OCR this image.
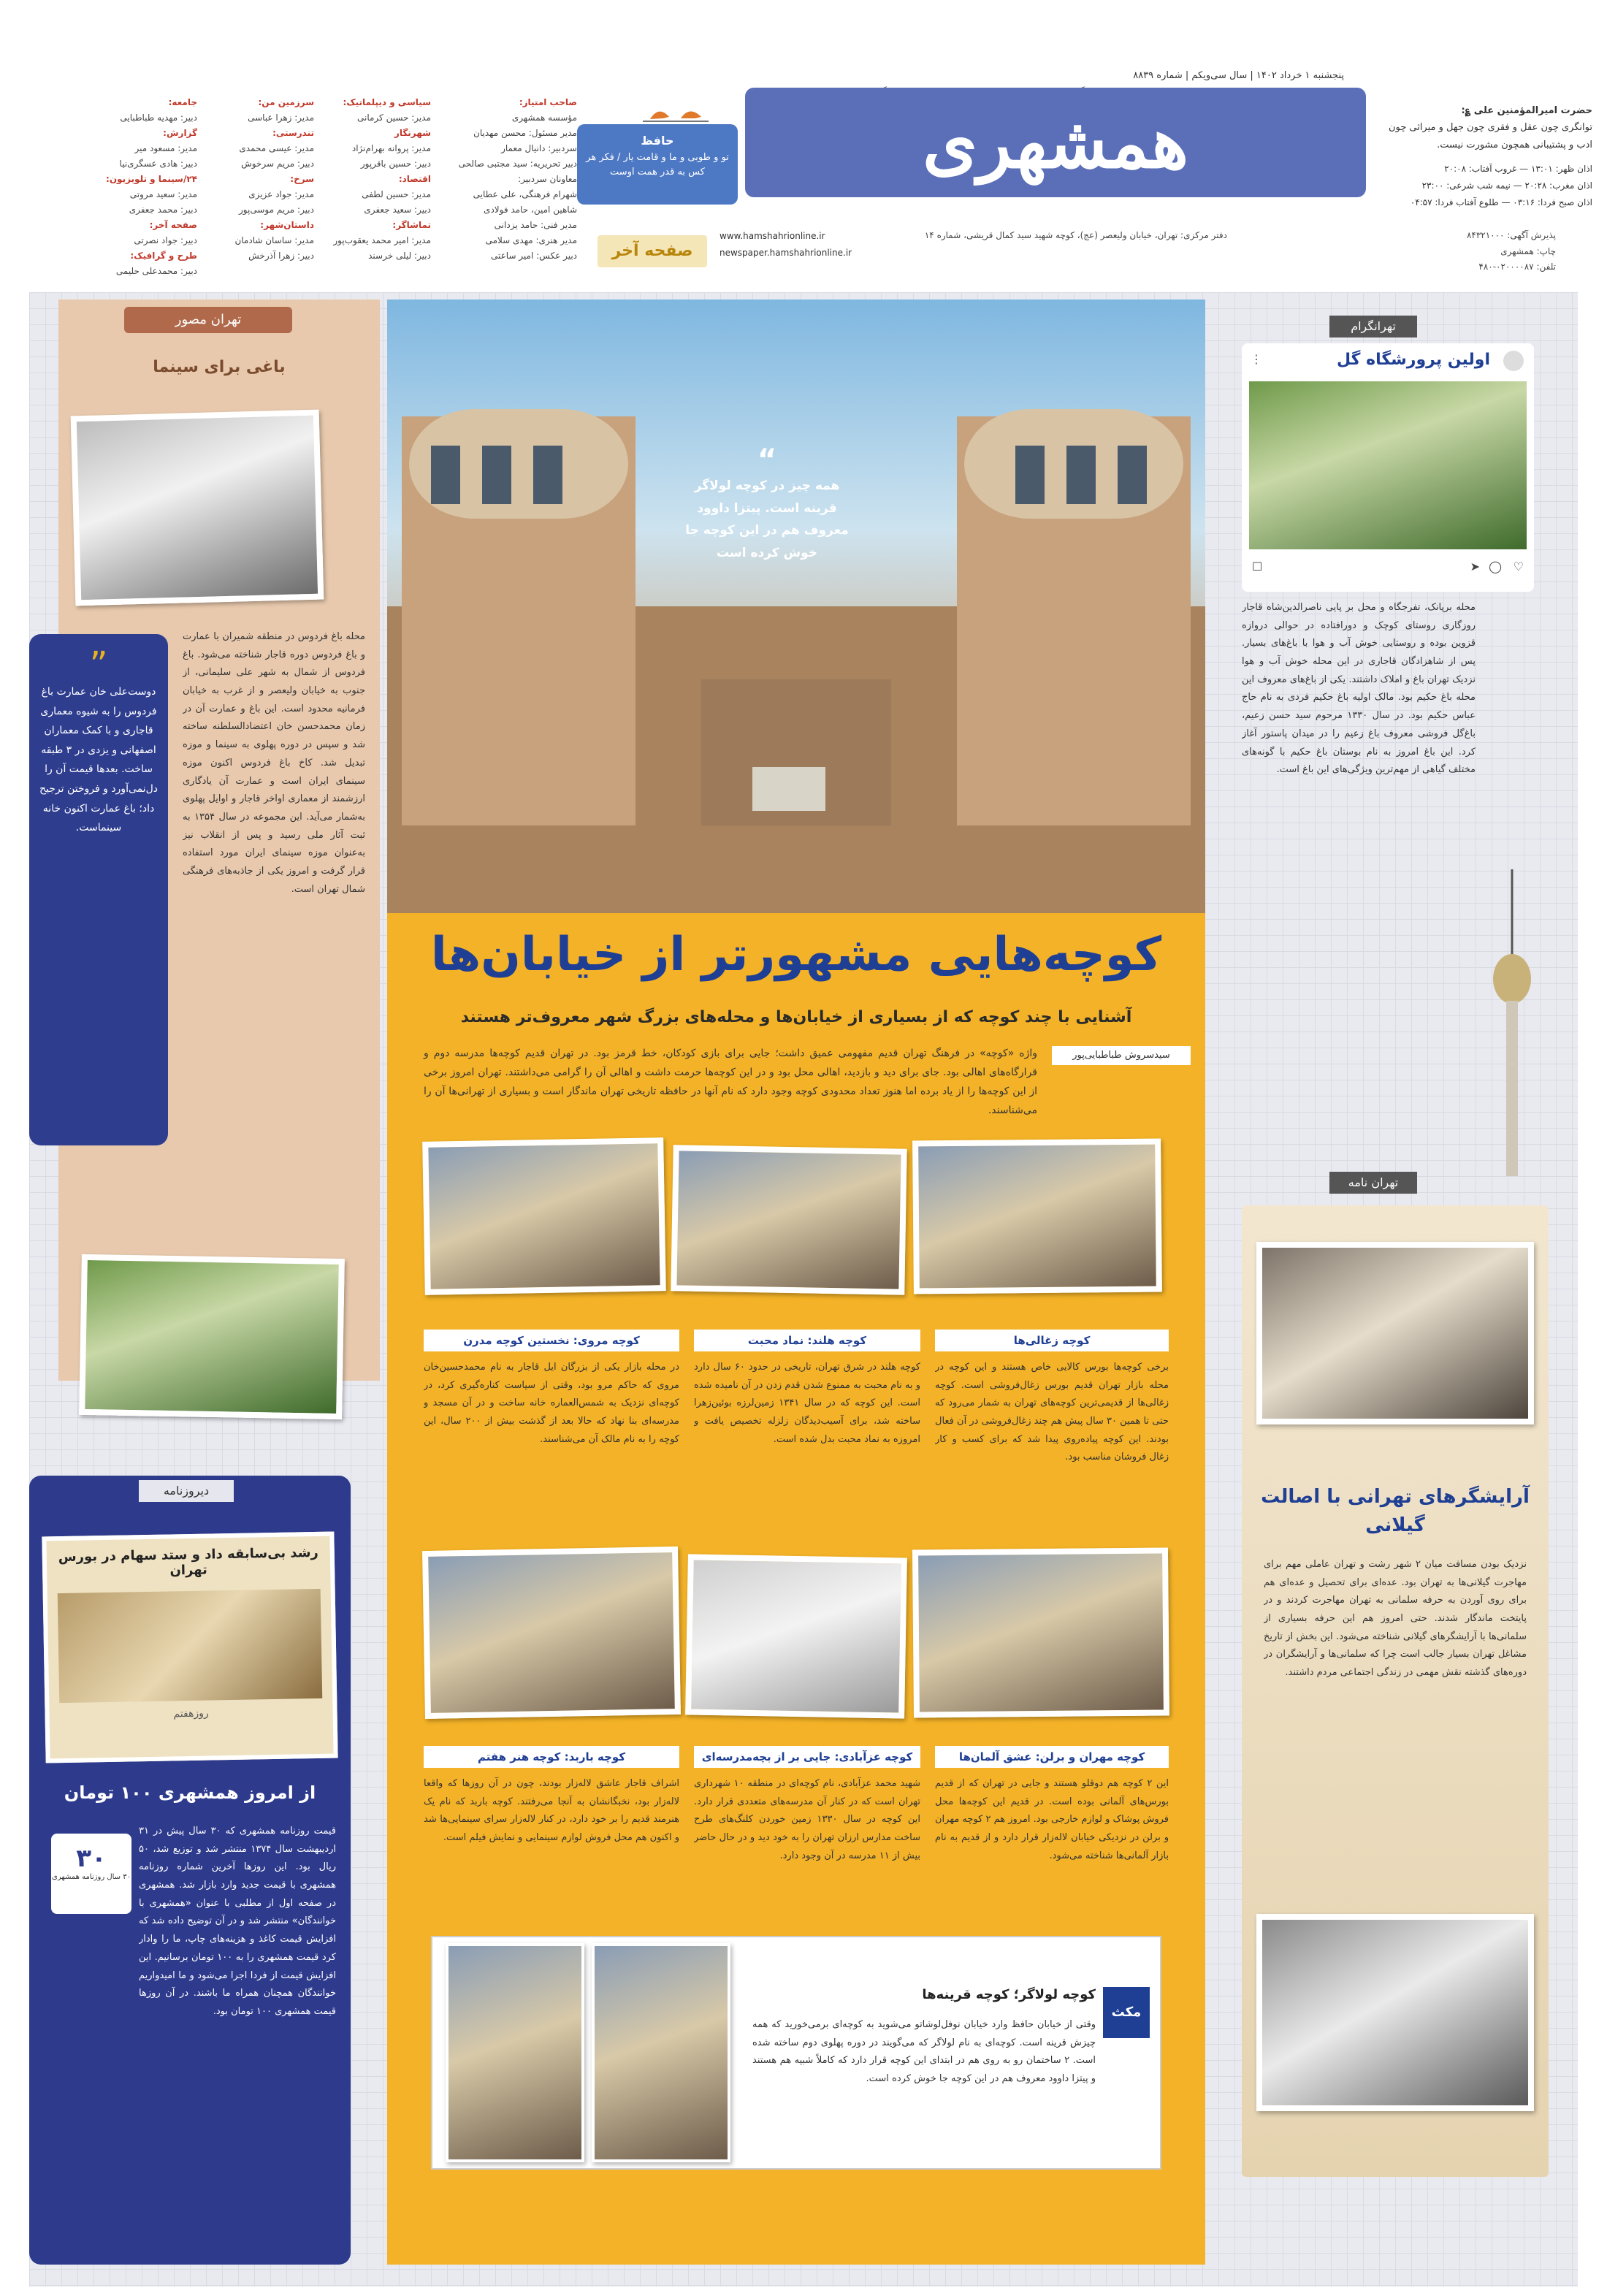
پنجشنبه ۱ خرداد ۱۴۰۲ | سال سی‌ویکم | شماره ۸۸۳۹
همشهری
حافظ
تو و طوبی و ما و قامت یار / فکر هر کس به قدر همت اوست
حضرت امیرالمؤمنین علی ؏:
توانگری چون عقل و فقری چون جهل و میراثی چون ادب و پشتیبانی همچون مشورت نیست.
اذان ظهر: ۱۳:۰۱ — غروب آفتاب: ۲۰:۰۸
اذان مغرب: ۲۰:۲۸ — نیمه شب شرعی: ۲۳:۰۰
اذان صبح فردا: ۰۳:۱۶ — طلوع آفتاب فردا: ۰۴:۵۷
صاحب امتیاز:
مؤسسه همشهری
مدیر مسئول: محسن مهدیان
سردبیر: دانیال معمار
دبیر تحریریه: سید مجتبی صالحی
معاونان سردبیر:
شهرام فرهنگی، علی عطایی
شاهین امین، حامد فولادی
مدیر فنی: حامد یزدانی
مدیر هنری: مهدی سلامی
دبیر عکس: امیر ساعتی
سیاسی و دیپلماتیک:
مدیر: حسین کرمانی
شهرنگار
مدیر: پروانه بهرام‌نژاد
دبیر: حسین باقرپور
اقتصاد:
مدیر: حسین لطفی
دبیر: سعید جعفری
تماشاگر:
مدیر: امیر محمد یعقوب‌پور
دبیر: لیلی خرسند
سرزمین من:
مدیر: زهرا عباسی
تندرستی:
مدیر: عیسی محمدی
دبیر: مریم سرخوش
سرخ:
مدیر: جواد عزیزی
دبیر: مریم موسی‌پور
داستان‌شهر:
مدیر: ساسان شادمان
دبیر: زهرا آذرخش
جامعه:
دبیر: مهدیه طباطبایی
گزارش:
مدیر: مسعود میر
دبیر: هادی عسگری‌نیا
۲۴/سینما و تلویزیون:
مدیر: سعید مروتی
دبیر: محمد جعفری
صفحه آخر:
دبیر: جواد نصرتی
طرح و گرافیک:
دبیر: محمدعلی حلیمی
پذیرش آگهی: ۸۴۳۲۱۰۰۰
چاپ: همشهری
تلفن: ۰۲۰۰۰۰۸۷-۴۸۰
دفتر مرکزی: تهران، خیابان ولیعصر (عج)، کوچه شهید سید کمال قریشی، شماره ۱۴
www.hamshahrionline.ir
newspaper.hamshahrionline.ir
صفحه آخر
تهران مصور
باغی برای سینما
محله باغ فردوس در منطقه شمیران با عمارت و باغ فردوس دوره قاجار شناخته می‌شود. باغ فردوس از شمال به شهر علی سلیمانی، از جنوب به خیابان ولیعصر و از غرب به خیابان فرمانیه محدود است. این باغ و عمارت آن در زمان محمدحسن خان اعتضادالسلطنه ساخته شد و سپس در دوره پهلوی به سینما و موزه تبدیل شد. کاخ باغ فردوس اکنون موزه سینمای ایران است و عمارت آن یادگاری ارزشمند از معماری اواخر قاجار و اوایل پهلوی به‌شمار می‌آید. این مجموعه در سال ۱۳۵۴ به ثبت آثار ملی رسید و پس از انقلاب نیز به‌عنوان موزه سینمای ایران مورد استفاده قرار گرفت و امروز یکی از جاذبه‌های فرهنگی شمال تهران است.
”
دوست‌علی خان عمارت باغ فردوس را به شیوه معماری قاجاری و با کمک معماران اصفهانی و یزدی در ۳ طبقه ساخت. بعدها قیمت آن را دل‌نمی‌آورد و فروختن ترجیح داد؛ باغ عمارت اکنون خانه سینماست.
دیروزنامه
رشد بی‌سابقه داد و ستد سهام در بورس تهران
روزهفتم
از امروز همشهری ۱۰۰ تومان
قیمت روزنامه همشهری که ۳۰ سال پیش در ۳۱ اردیبهشت سال ۱۳۷۴ منتشر شد و توزیع شد، ۵۰ ریال بود. این روزها آخرین شماره روزنامه همشهری با قیمت جدید وارد بازار شد. همشهری در صفحه اول از مطلبی با عنوان «همشهری با خوانندگان» منتشر شد و در آن توضیح داده شد که افزایش قیمت کاغذ و هزینه‌های چاپ، ما را وادار کرد قیمت همشهری را به ۱۰۰ تومان برسانیم. این افزایش قیمت از فردا اجرا می‌شود و ما امیدواریم خوانندگان همچنان همراه ما باشند. در آن روزها قیمت همشهری ۱۰۰ تومان بود.
۳۰
۳۰ سال روزنامه همشهری
“
همه چیز در کوچه لولاگر قرینه است. پیتزا داوود معروف هم در این کوچه جا خوش کرده است
کوچه‌هایی مشهورتر از خیابان‌ها
آشنایی با چند کوچه که از بسیاری از خیابان‌ها و محله‌های بزرگ شهر معروف‌تر هستند
سیدسروش طباطبایی‌پور
واژه «کوچه» در فرهنگ تهران قدیم مفهومی عمیق داشت؛ جایی برای بازی کودکان، خط قرمز بود. در تهران قدیم کوچه‌ها مدرسه دوم و قرارگاه‌های اهالی بود. جای برای دید و بازدید، اهالی محل بود و در این کوچه‌ها حرمت داشت و اهالی آن را گرامی می‌داشتند. تهران امروز برخی از این کوچه‌ها را از یاد برده اما هنوز تعداد محدودی کوچه وجود دارد که نام آنها در حافظه تاریخی تهران ماندگار است و بسیاری از تهرانی‌ها آن را می‌شناسند.
کوچه زغالی‌ها
برخی کوچه‌ها بورس کالایی خاص هستند و این کوچه در محله بازار تهران قدیم بورس زغال‌فروشی است. کوچه زغالی‌ها از قدیمی‌ترین کوچه‌های تهران به شمار می‌رود که حتی تا همین ۳۰ سال پیش هم چند زغال‌فروشی در آن فعال بودند. این کوچه پیاده‌روی پیدا شد که برای کسب و کار زغال فروشان مناسب بود.
کوچه هلند: نماد محبت
کوچه هلند در شرق تهران، تاریخی در حدود ۶۰ سال دارد و به نام محبت به ممنوع شدن قدم زدن در آن نامیده شده است. این کوچه که در سال ۱۳۴۱ زمین‌لرزه بوئین‌زهرا ساخته شد، برای آسیب‌دیدگان زلزله تخصیص یافت و امروزه به نماد محبت بدل شده است.
کوچه مروی: نخستین کوچه مدرن
در محله بازار یکی از بزرگان ایل قاجار به نام محمدحسین‌خان مروی که حاکم مرو بود، وقتی از سیاست کناره‌گیری کرد، در کوچه‌ای نزدیک به شمس‌العماره خانه ساخت و در آن مسجد و مدرسه‌ای بنا نهاد که حالا بعد از گذشت بیش از ۲۰۰ سال، این کوچه را به نام مالک آن می‌شناسند.
کوچه مهران و برلن: عشق آلمان‌ها
این ۲ کوچه هم دوقلو هستند و جایی در تهران که از قدیم بورس‌های آلمانی بوده است. در قدیم این کوچه‌ها محل فروش پوشاک و لوازم خارجی بود. امروز هم ۲ کوچه مهران و برلن در نزدیکی خیابان لاله‌زار قرار دارد و از قدیم به نام بازار آلمانی‌ها شناخته می‌شود.
کوچه عزآبادی: جایی بر از بچه‌مدرسه‌ای
شهید محمد عزآبادی، نام کوچه‌ای در منطقه ۱۰ شهرداری تهران است که در کنار آن مدرسه‌های متعددی قرار دارد. این کوچه در سال ۱۳۳۰ زمین خوردن کلنگ‌های طرح ساخت مدارس ارزان تهران را به خود دید و در حال حاضر بیش از ۱۱ مدرسه در آن وجود دارد.
کوچه باربد: کوچه هنر هفتم
اشراف قاجار عاشق لاله‌زار بودند، چون در آن روزها که واقعا لاله‌زار بود، نخبگانشان به آنجا می‌رفتند. کوچه باربد که نام یک هنرمند قدیم را بر خود دارد، در کنار لاله‌زار سرای سینمایی‌ها شد و اکنون هم محل فروش لوازم سینمایی و نمایش فیلم است.
مکث
کوچه لولاگر؛ کوچه قرینه‌ها
وقتی از خیابان حافظ وارد خیابان نوفل‌لوشاتو می‌شوید به کوچه‌ای برمی‌خورید که همه چیزش قرینه است. کوچه‌ای به نام لولاگر که می‌گویند در دوره پهلوی دوم ساخته شده است. ۲ ساختمان رو به روی هم در ابتدای این کوچه قرار دارد که کاملاً شبیه هم هستند و پیتزا داوود معروف هم در این کوچه جا خوش کرده است.
تهرانگرام
اولین پرورشگاه گل
⋮
♡
◯
➤
☐
محله برپانک، تفرجگاه و محل بر پایی ناصرالدین‌شاه قاجار روزگاری روستای کوچک و دورافتاده در حوالی دروازه قزوین بوده و روستایی خوش آب و هوا با باغ‌های بسیار. پس از شاهزادگان قاجاری در این محله خوش آب و هوا نزدیک تهران باغ و املاک داشتند. یکی از باغ‌های معروف این محله باغ حکیم بود. مالک اولیه باغ حکیم فردی به نام حاج عباس حکیم بود. در سال ۱۳۳۰ مرحوم سید حسن زعیم، باغ‌گل فروشی معروف باغ زعیم را در میدان پاستور آغاز کرد. این باغ امروز به نام بوستان باغ حکیم با گونه‌های مختلف گیاهی از مهم‌ترین ویژگی‌های این باغ است.
تهران نامه
آرایشگرهای تهرانی با اصالت گیلانی
نزدیک بودن مسافت میان ۲ شهر رشت و تهران عاملی مهم برای مهاجرت گیلانی‌ها به تهران بود. عده‌ای برای تحصیل و عده‌ای هم برای روی آوردن به حرفه سلمانی به تهران مهاجرت کردند و در پایتخت ماندگار شدند. حتی امروز هم این حرفه بسیاری از سلمانی‌ها با آرایشگرهای گیلانی شناخته می‌شود. این بخش از تاریخ مشاغل تهران بسیار جالب است چرا که سلمانی‌ها و آرایشگران در دوره‌های گذشته نقش مهمی در زندگی اجتماعی مردم داشتند.
